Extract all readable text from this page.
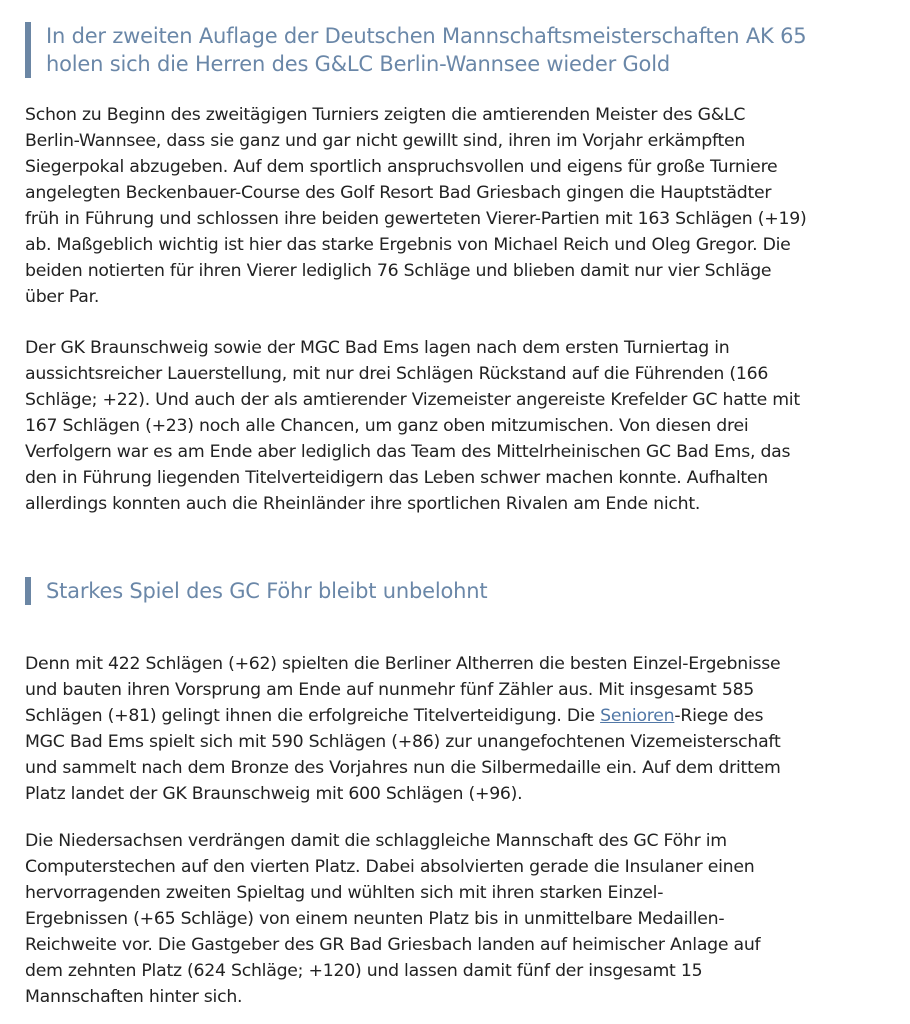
In der zweiten Auflage der Deutschen Mannschaftsmeisterschaften AK 65
holen sich die Herren des G&LC Berlin-Wannsee wieder Gold

Schon zu Beginn des zweitägigen Turniers zeigten die amtierenden Meister des G&LC
Berlin-Wannsee, dass sie ganz und gar nicht gewillt sind, ihren im Vorjahr erkämpften
Siegerpokal abzugeben. Auf dem sportlich anspruchsvollen und eigens für große Turniere
angelegten Beckenbauer-Course des Golf Resort Bad Griesbach gingen die Hauptstädter
früh in Führung und schlossen ihre beiden gewerteten Vierer-Partien mit 163 Schlägen (+19)
ab. Maßgeblich wichtig ist hier das starke Ergebnis von Michael Reich und Oleg Gregor. Die
beiden notierten für ihren Vierer lediglich 76 Schläge und blieben damit nur vier Schläge
über Par.

Der GK Braunschweig sowie der MGC Bad Ems lagen nach dem ersten Turniertag in
aussichtsreicher Lauerstellung, mit nur drei Schlägen Rückstand auf die Führenden (166
Schläge; +22). Und auch der als amtierender Vizemeister angereiste Krefelder GC hatte mit
167 Schlägen (+23) noch alle Chancen, um ganz oben mitzumischen. Von diesen drei
Verfolgern war es am Ende aber lediglich das Team des Mittelrheinischen GC Bad Ems, das
den in Führung liegenden Titelverteidigern das Leben schwer machen konnte. Aufhalten
allerdings konnten auch die Rheinländer ihre sportlichen Rivalen am Ende nicht.

Starkes Spiel des GC Föhr bleibt unbelohnt

Denn mit 422 Schlägen (+62) spielten die Berliner Altherren die besten Einzel-Ergebnisse
und bauten ihren Vorsprung am Ende auf nunmehr fünf Zähler aus. Mit insgesamt 585
Schlägen (+81) gelingt ihnen die erfolgreiche Titelverteidigung. Die Senioren-Riege des
MGC Bad Ems spielt sich mit 590 Schlägen (+86) zur unangefochtenen Vizemeisterschaft
und sammelt nach dem Bronze des Vorjahres nun die Silbermedaille ein. Auf dem drittem
Platz landet der GK Braunschweig mit 600 Schlägen (+96).

Die Niedersachsen verdrängen damit die schlaggleiche Mannschaft des GC Föhr im
Computerstechen auf den vierten Platz. Dabei absolvierten gerade die Insulaner einen
hervorragenden zweiten Spieltag und wühlten sich mit ihren starken Einzel-
Ergebnissen (+65 Schläge) von einem neunten Platz bis in unmittelbare Medaillen-
Reichweite vor. Die Gastgeber des GR Bad Griesbach landen auf heimischer Anlage auf
dem zehnten Platz (624 Schläge; +120) und lassen damit fünf der insgesamt 15
Mannschaften hinter sich.
